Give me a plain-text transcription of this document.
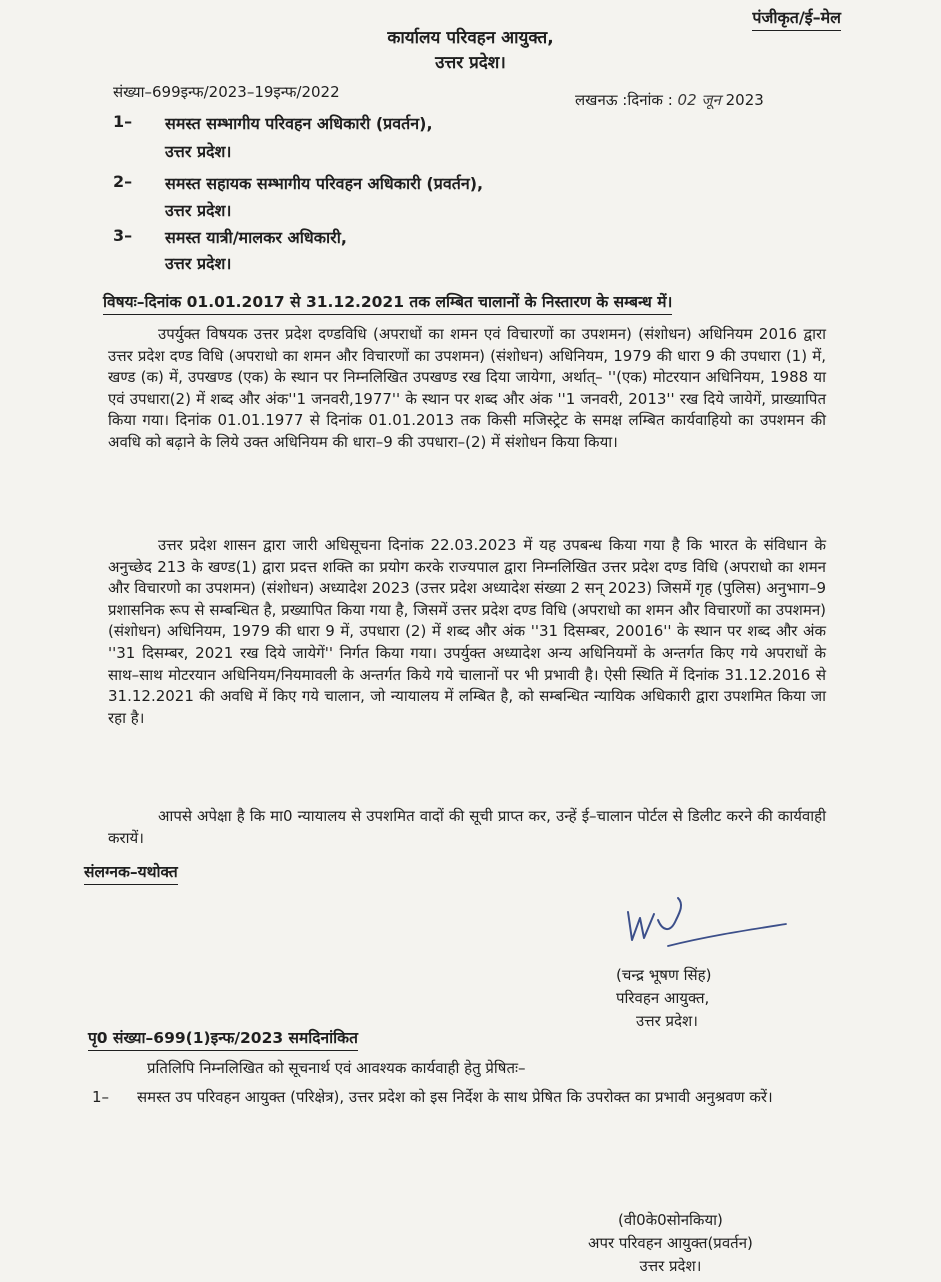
पंजीकृत/ई–मेल
कार्यालय परिवहन आयुक्त,
उत्तर प्रदेश।
संख्या–699इन्फ/2023–19इन्फ/2022	लखनऊ :दिनांक : 02 जून 2023
1– समस्त सम्भागीय परिवहन अधिकारी (प्रवर्तन),
उत्तर प्रदेश।
2– समस्त सहायक सम्भागीय परिवहन अधिकारी (प्रवर्तन),
उत्तर प्रदेश।
3– समस्त यात्री/मालकर अधिकारी,
उत्तर प्रदेश।
विषयः–दिनांक 01.01.2017 से 31.12.2021 तक लम्बित चालानों के निस्तारण के सम्बन्ध में।
उपर्युक्त विषयक उत्तर प्रदेश दण्डविधि (अपराधों का शमन एवं विचारणों का उपशमन) (संशोधन) अधिनियम 2016 द्वारा उत्तर प्रदेश दण्ड विधि (अपराधो का शमन और विचारणों का उपशमन) (संशोधन) अधिनियम, 1979 की धारा 9 की उपधारा (1) में, खण्ड (क) में, उपखण्ड (एक) के स्थान पर निम्नलिखित उपखण्ड रख दिया जायेगा, अर्थात्– ''(एक) मोटरयान अधिनियम, 1988 या एवं उपधारा(2) में शब्द और अंक''1 जनवरी,1977'' के स्थान पर शब्द और अंक ''1 जनवरी, 2013'' रख दिये जायेगें, प्राख्यापित किया गया। दिनांक 01.01.1977 से दिनांक 01.01.2013 तक किसी मजिस्ट्रेट के समक्ष लम्बित कार्यवाहियो का उपशमन की अवधि को बढ़ाने के लिये उक्त अधिनियम की धारा–9 की उपधारा–(2) में संशोधन किया किया।
उत्तर प्रदेश शासन द्वारा जारी अधिसूचना दिनांक 22.03.2023 में यह उपबन्ध किया गया है कि भारत के संविधान के अनुच्छेद 213 के खण्ड(1) द्वारा प्रदत्त शक्ति का प्रयोग करके राज्यपाल द्वारा निम्नलिखित उत्तर प्रदेश दण्ड विधि (अपराधो का शमन और विचारणो का उपशमन) (संशोधन) अध्यादेश 2023 (उत्तर प्रदेश अध्यादेश संख्या 2 सन् 2023) जिसमें गृह (पुलिस) अनुभाग–9 प्रशासनिक रूप से सम्बन्धित है, प्रख्यापित किया गया है, जिसमें उत्तर प्रदेश दण्ड विधि (अपराधो का शमन और विचारणों का उपशमन) (संशोधन) अधिनियम, 1979 की धारा 9 में, उपधारा (2) में शब्द और अंक ''31 दिसम्बर, 20016'' के स्थान पर शब्द और अंक ''31 दिसम्बर, 2021 रख दिये जायेगें'' निर्गत किया गया। उपर्युक्त अध्यादेश अन्य अधिनियमों के अन्तर्गत किए गये अपराधों के साथ–साथ मोटरयान अधिनियम/नियमावली के अन्तर्गत किये गये चालानों पर भी प्रभावी है। ऐसी स्थिति में दिनांक 31.12.2016 से 31.12.2021 की अवधि में किए गये चालान, जो न्यायालय में लम्बित है, को सम्बन्धित न्यायिक अधिकारी द्वारा उपशमित किया जा रहा है।
आपसे अपेक्षा है कि मा0 न्यायालय से उपशमित वादों की सूची प्राप्त कर, उन्हें ई–चालान पोर्टल से डिलीट करने की कार्यवाही करायें।
संलग्नक–यथोक्त
(चन्द्र भूषण सिंह)
परिवहन आयुक्त,
उत्तर प्रदेश।
पृ0 संख्या–699(1)इन्फ/2023 समदिनांकित
प्रतिलिपि निम्नलिखित को सूचनार्थ एवं आवश्यक कार्यवाही हेतु प्रेषितः–
1– समस्त उप परिवहन आयुक्त (परिक्षेत्र), उत्तर प्रदेश को इस निर्देश के साथ प्रेषित कि उपरोक्त का प्रभावी अनुश्रवण करें।
(वी0के0सोनकिया)
अपर परिवहन आयुक्त(प्रवर्तन)
उत्तर प्रदेश।
